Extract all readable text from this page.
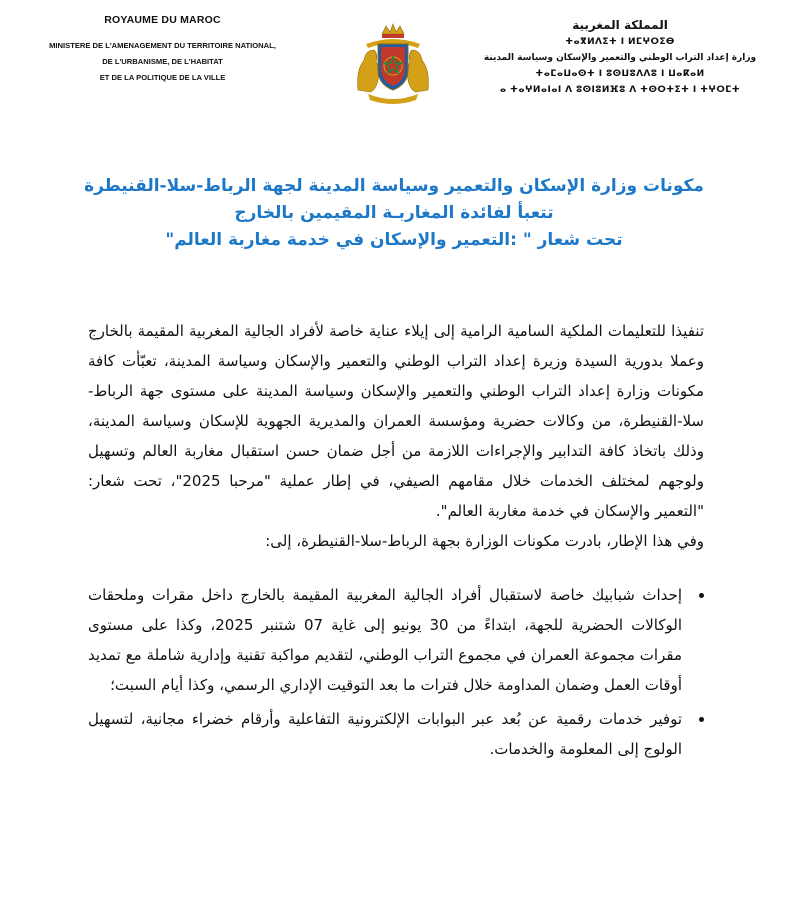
ROYAUME DU MAROC
MINISTERE DE L'AMENAGEMENT DU TERRITOIRE NATIONAL,
DE L'URBANISME, DE L'HABITAT
ET DE LA POLITIQUE DE LA VILLE
المملكة المغربية
ⵜⴰⴳⵍⴷⵉⵜ ⵏ ⵍⵎⵖⵔⵉⴱ
وزارة إعداد التراب الوطني والتعمير والإسكان وسياسة المدينة
ⵜⴰⵎⴰⵡⴰⵙⵜ ⵏ ⵓⵙⵡⵓⴷⴷⵓ ⵏ ⵡⴰⴽⴰⵍ
ⴰ ⵜⴰⵖⵍⴰⵏⴰⵏ ⴷ ⵓⵙⵏⵓⵍⴼⵓ ⴷ ⵜⵙⵔⵜⵉⵜ ⵏ ⵜⵖⵔⵎⵜ
مكونات وزارة الإسكان والتعمير وسياسة المدينة لجهة الرباط-سلا-القنيطرة
تتعبأ لفائدة المغاربـة المقيمين بالخارج
تحت شعار " :التعمير والإسكان في خدمة مغاربة العالم"

تنفيذا للتعليمات الملكية السامية الرامية إلى إيلاء عناية خاصة لأفراد الجالية المغربية المقيمة بالخارج وعملا بدورية السيدة وزيرة إعداد التراب الوطني والتعمير والإسكان وسياسة المدينة، تعبّأت كافة مكونات وزارة إعداد التراب الوطني والتعمير والإسكان وسياسة المدينة على مستوى جهة الرباط-سلا-القنيطرة، من وكالات حضرية ومؤسسة العمران والمديرية الجهوية للإسكان وسياسة المدينة، وذلك باتخاذ كافة التدابير والإجراءات اللازمة من أجل ضمان حسن استقبال مغاربة العالم وتسهيل ولوجهم لمختلف الخدمات خلال مقامهم الصيفي، في إطار عملية "مرحبا 2025"، تحت شعار: "التعمير والإسكان في خدمة مغاربة العالم".

وفي هذا الإطار، بادرت مكونات الوزارة بجهة الرباط-سلا-القنيطرة، إلى:

إحداث شبابيك خاصة لاستقبال أفراد الجالية المغربية المقيمة بالخارج داخل مقرات وملحقات الوكالات الحضرية للجهة، ابتداءً من 30 يونيو إلى غاية 07 شتنبر 2025، وكذا على مستوى مقرات مجموعة العمران في مجموع التراب الوطني، لتقديم مواكبة تقنية وإدارية شاملة مع تمديد أوقات العمل وضمان المداومة خلال فترات ما بعد التوقيت الإداري الرسمي، وكذا أيام السبت؛
توفير خدمات رقمية عن بُعد عبر البوابات الإلكترونية التفاعلية وأرقام خضراء مجانية، لتسهيل الولوج إلى المعلومة والخدمات.
